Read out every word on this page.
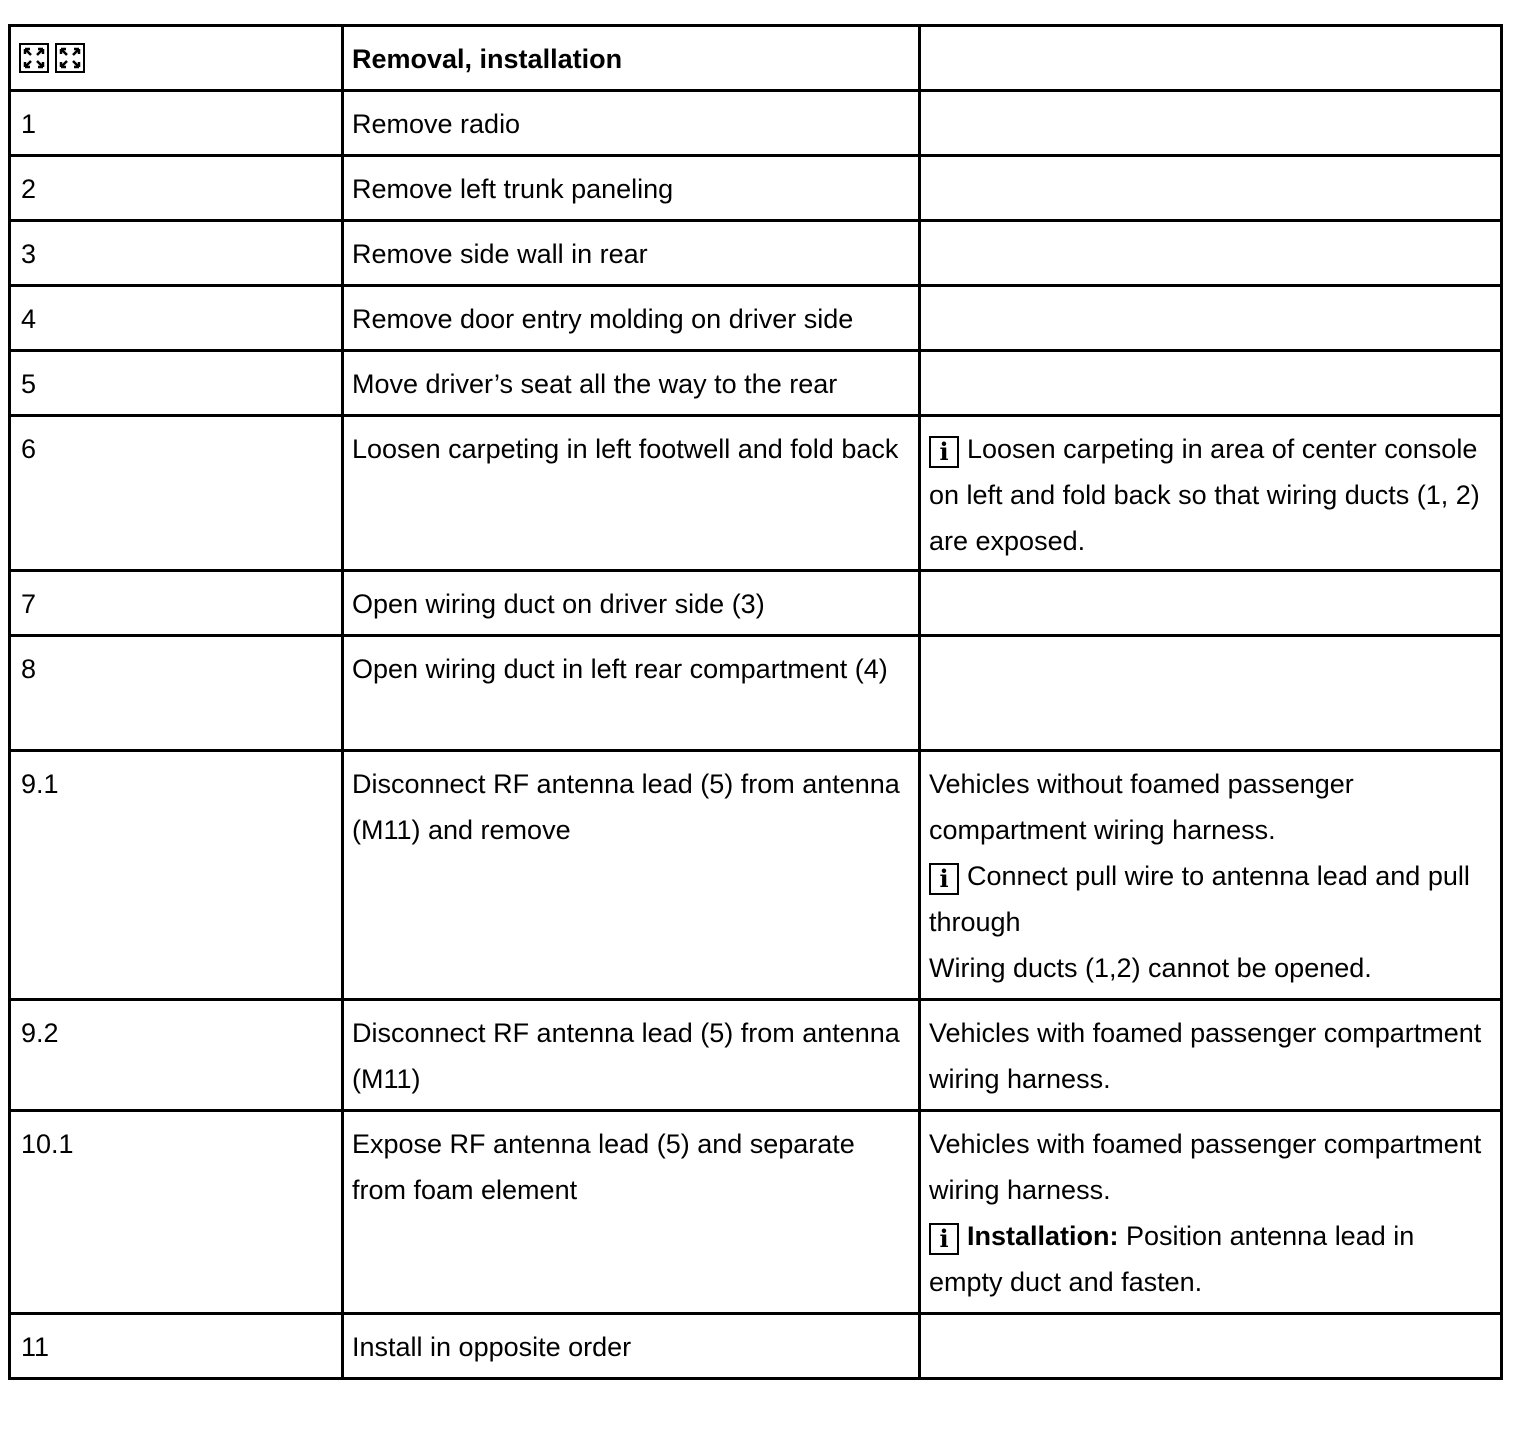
Removal, installation	

1	Remove radio	

2	Remove left trunk paneling	

3	Remove side wall in rear	

4	Remove door entry molding on driver side	

5	Move driver’s seat all the way to the rear	

6	Loosen carpeting in left footwell and fold back	i Loosen carpeting in area of center console on left and fold back so that wiring ducts (1, 2) are exposed.

7	Open wiring duct on driver side (3)	

8	Open wiring duct in left rear compartment (4)	

9.1	Disconnect RF antenna lead (5) from antenna (M11) and remove	Vehicles without foamed passenger compartment wiring harness.
i Connect pull wire to antenna lead and pull through
Wiring ducts (1,2) cannot be opened.

9.2	Disconnect RF antenna lead (5) from antenna (M11)	Vehicles with foamed passenger compartment wiring harness.

10.1	Expose RF antenna lead (5) and separate from foam element	Vehicles with foamed passenger compartment wiring harness.
i Installation: Position antenna lead in empty duct and fasten.

11	Install in opposite order	
